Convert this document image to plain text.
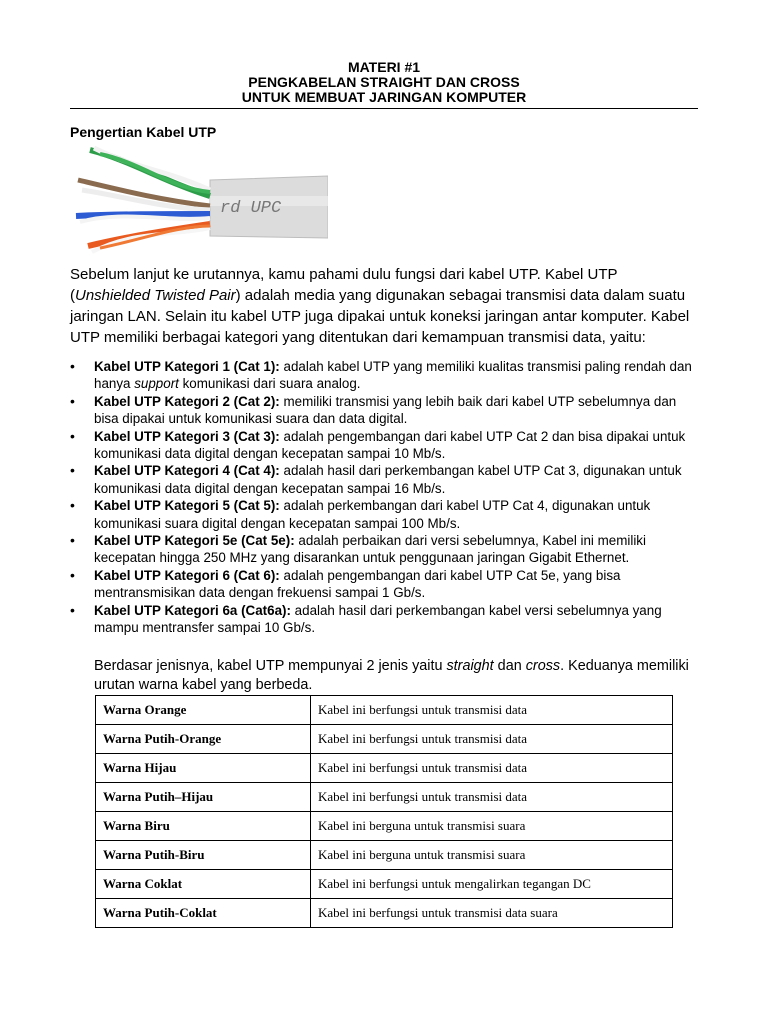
MATERI #1
PENGKABELAN STRAIGHT DAN CROSS
UNTUK MEMBUAT JARINGAN KOMPUTER
Pengertian Kabel UTP
rd UPC

Sebelum lanjut ke urutannya, kamu pahami dulu fungsi dari kabel UTP. Kabel UTP (Unshielded Twisted Pair) adalah media yang digunakan sebagai transmisi data dalam suatu jaringan LAN. Selain itu kabel UTP juga dipakai untuk koneksi jaringan antar komputer. Kabel UTP memiliki berbagai kategori yang ditentukan dari kemampuan transmisi data, yaitu:

• Kabel UTP Kategori 1 (Cat 1): adalah kabel UTP yang memiliki kualitas transmisi paling rendah dan hanya support komunikasi dari suara analog.
• Kabel UTP Kategori 2 (Cat 2): memiliki transmisi yang lebih baik dari kabel UTP sebelumnya dan bisa dipakai untuk komunikasi suara dan data digital.
• Kabel UTP Kategori 3 (Cat 3): adalah pengembangan dari kabel UTP Cat 2 dan bisa dipakai untuk komunikasi data digital dengan kecepatan sampai 10 Mb/s.
• Kabel UTP Kategori 4 (Cat 4): adalah hasil dari perkembangan kabel UTP Cat 3, digunakan untuk komunikasi data digital dengan kecepatan sampai 16 Mb/s.
• Kabel UTP Kategori 5 (Cat 5): adalah perkembangan dari kabel UTP Cat 4, digunakan untuk komunikasi suara digital dengan kecepatan sampai 100 Mb/s.
• Kabel UTP Kategori 5e (Cat 5e): adalah perbaikan dari versi sebelumnya, Kabel ini memiliki kecepatan hingga 250 MHz yang disarankan untuk penggunaan jaringan Gigabit Ethernet.
• Kabel UTP Kategori 6 (Cat 6): adalah pengembangan dari kabel UTP Cat 5e, yang bisa mentransmisikan data dengan frekuensi sampai 1 Gb/s.
• Kabel UTP Kategori 6a (Cat6a): adalah hasil dari perkembangan kabel versi sebelumnya yang mampu mentransfer sampai 10 Gb/s.

Berdasar jenisnya, kabel UTP mempunyai 2 jenis yaitu straight dan cross. Keduanya memiliki urutan warna kabel yang berbeda.

Warna Orange	Kabel ini berfungsi untuk transmisi data
Warna Putih-Orange	Kabel ini berfungsi untuk transmisi data
Warna Hijau	Kabel ini berfungsi untuk transmisi data
Warna Putih–Hijau	Kabel ini berfungsi untuk transmisi data
Warna Biru	Kabel ini berguna untuk transmisi suara
Warna Putih-Biru	Kabel ini berguna untuk transmisi suara
Warna Coklat	Kabel ini berfungsi untuk mengalirkan tegangan DC
Warna Putih-Coklat	Kabel ini berfungsi untuk transmisi data suara
